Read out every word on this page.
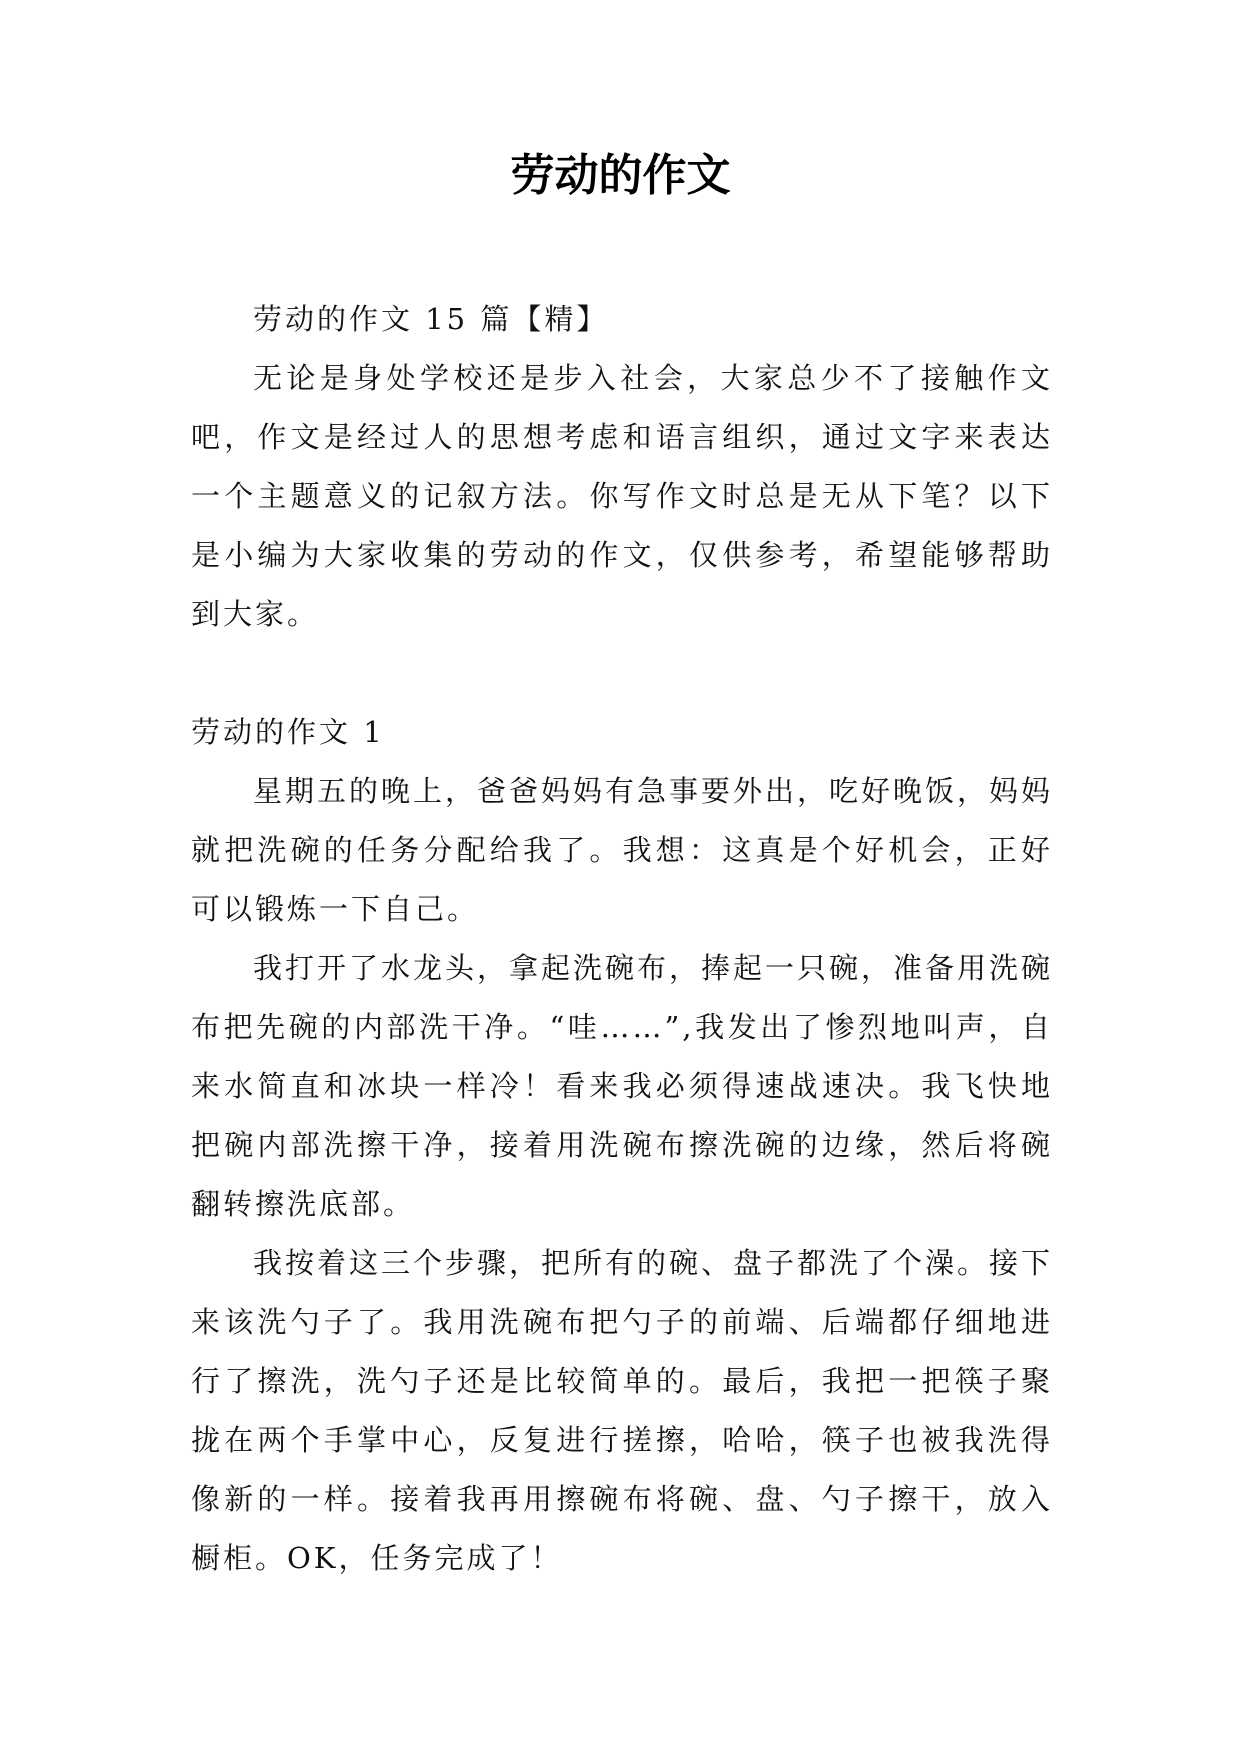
劳动的作文

劳动的作文 15 篇【精】

无论是身处学校还是步入社会，大家总少不了接触作文吧，作文是经过人的思想考虑和语言组织，通过文字来表达一个主题意义的记叙方法。你写作文时总是无从下笔？以下是小编为大家收集的劳动的作文，仅供参考，希望能够帮助到大家。

劳动的作文 1

星期五的晚上，爸爸妈妈有急事要外出，吃好晚饭，妈妈就把洗碗的任务分配给我了。我想：这真是个好机会，正好可以锻炼一下自己。

我打开了水龙头，拿起洗碗布，捧起一只碗，准备用洗碗布把先碗的内部洗干净。“哇……”,我发出了惨烈地叫声，自来水简直和冰块一样冷！看来我必须得速战速决。我飞快地把碗内部洗擦干净，接着用洗碗布擦洗碗的边缘，然后将碗翻转擦洗底部。

我按着这三个步骤，把所有的碗、盘子都洗了个澡。接下来该洗勺子了。我用洗碗布把勺子的前端、后端都仔细地进行了擦洗，洗勺子还是比较简单的。最后，我把一把筷子聚拢在两个手掌中心，反复进行搓擦，哈哈，筷子也被我洗得像新的一样。接着我再用擦碗布将碗、盘、勺子擦干，放入橱柜。OK，任务完成了！
